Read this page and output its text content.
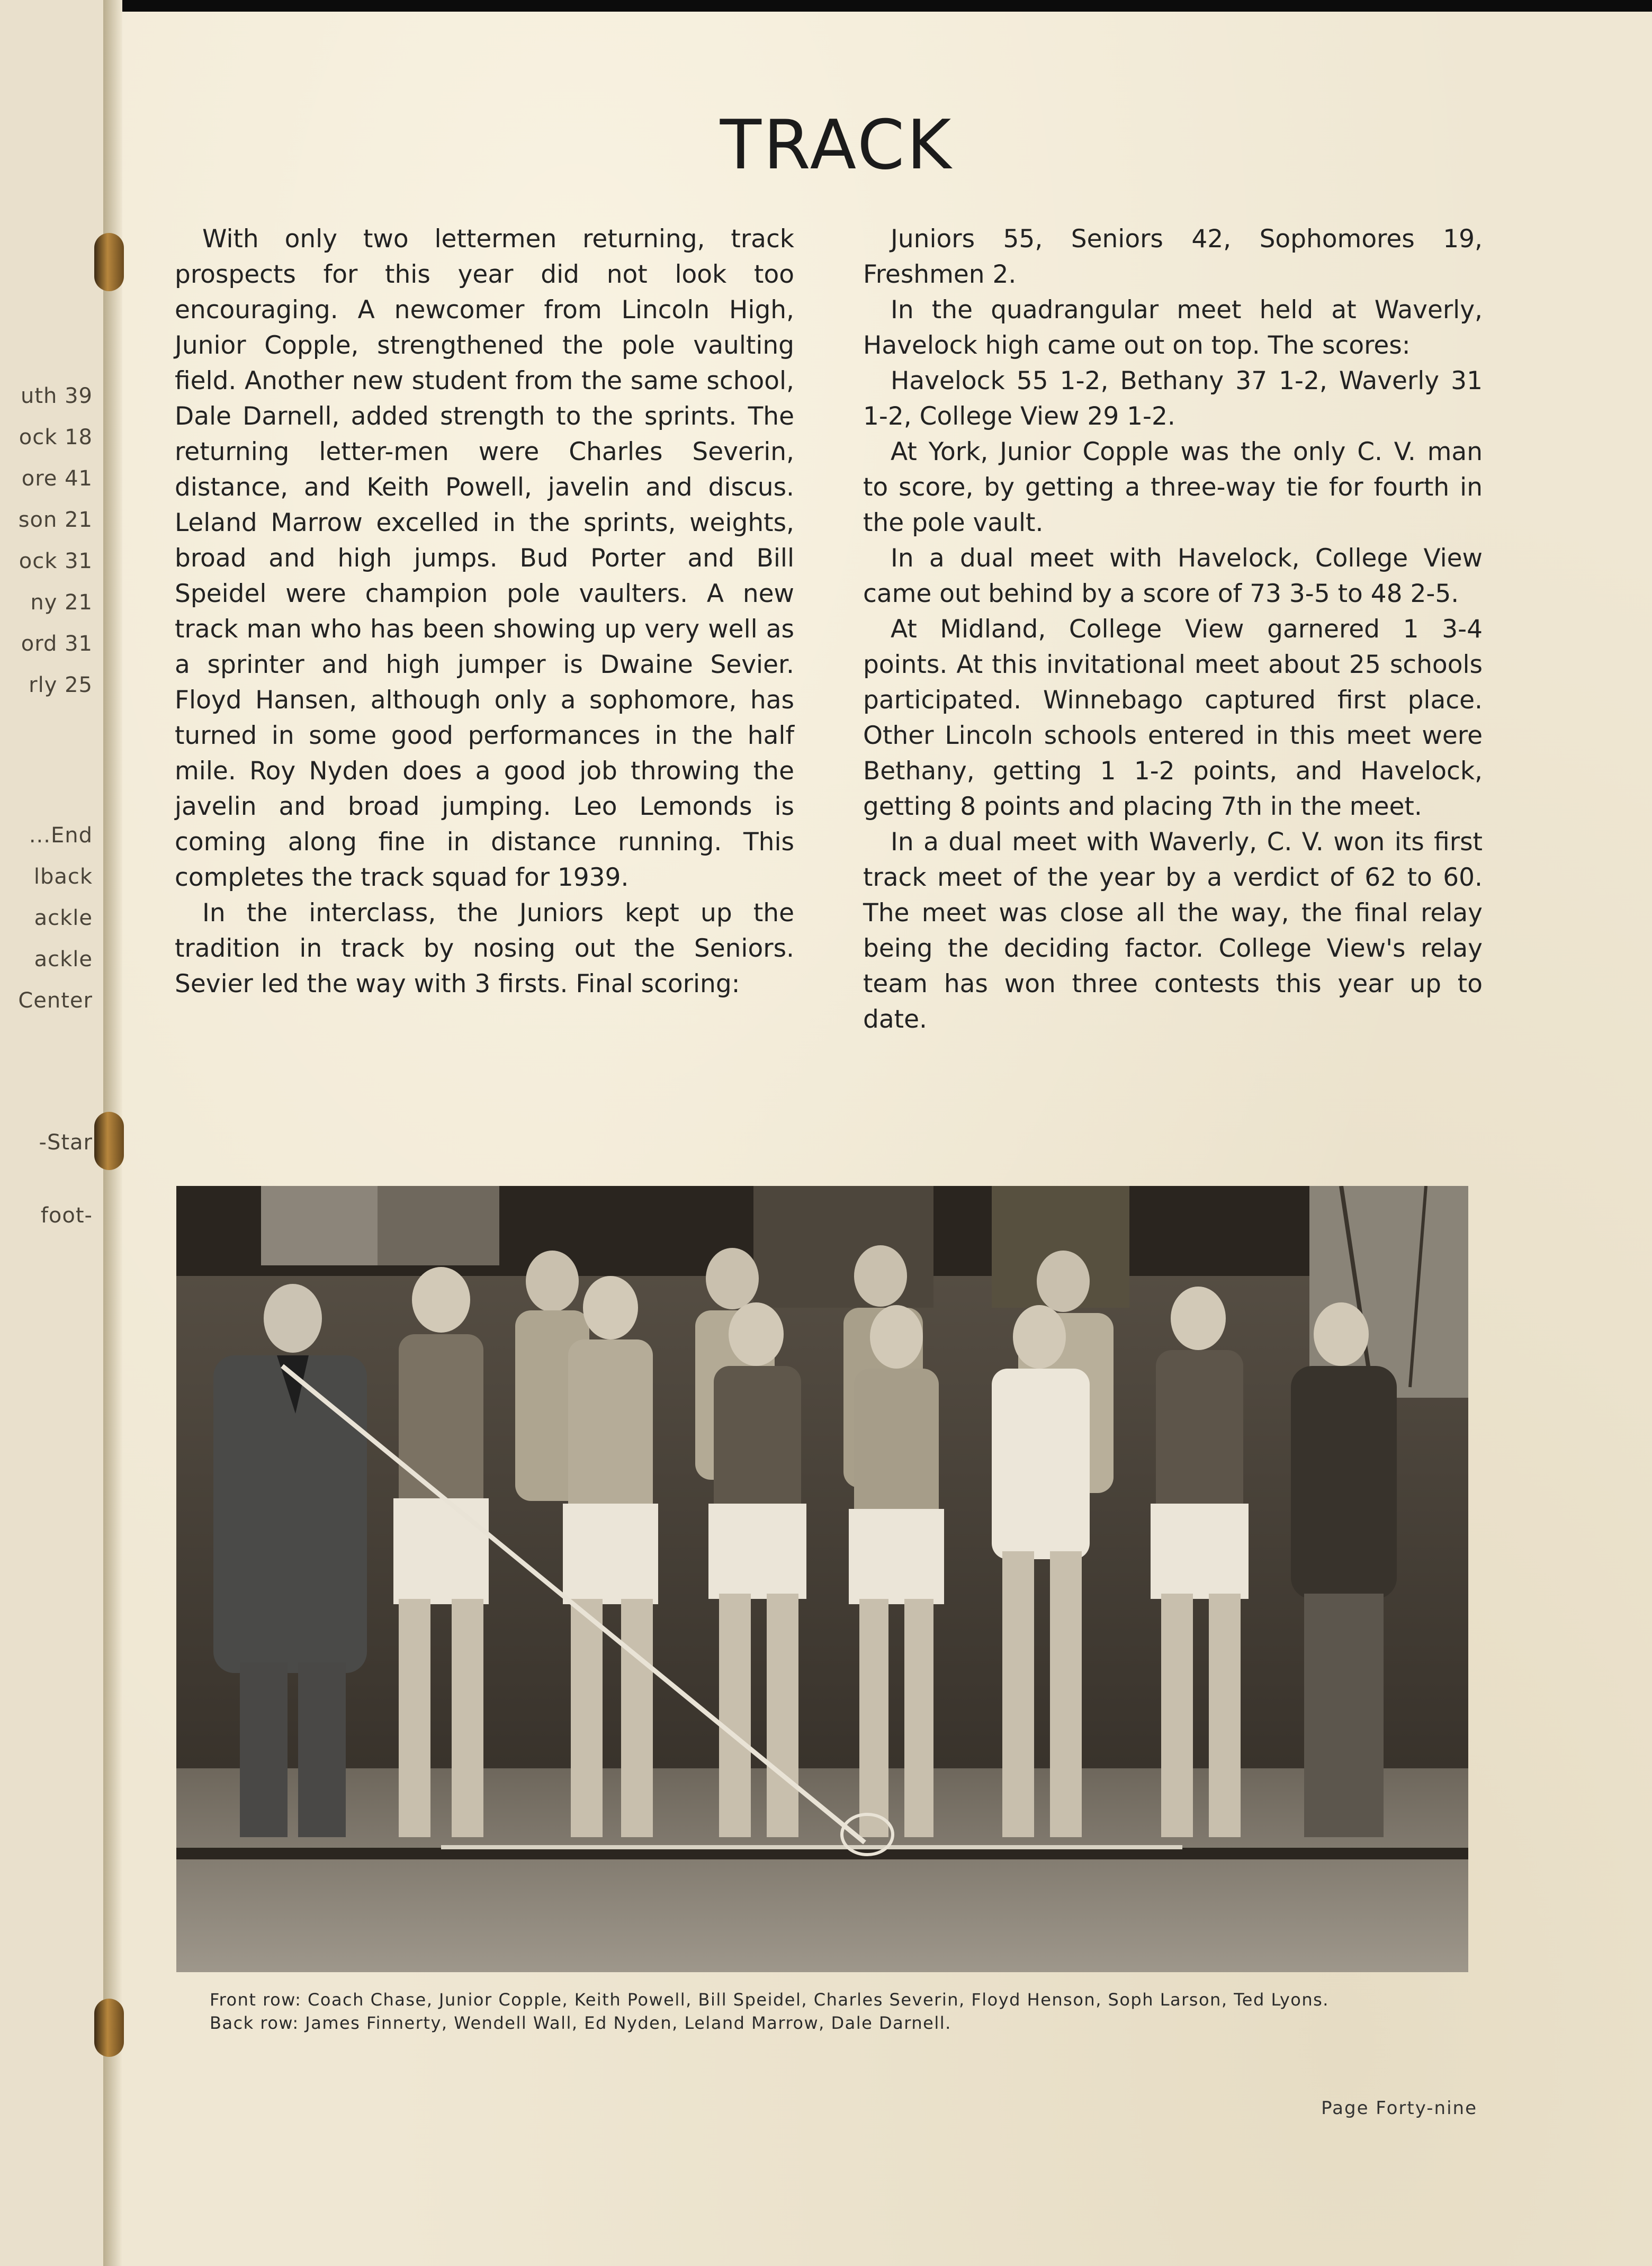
uth 39
ock 18
ore 41
son 21
ock 31
ny 21
ord 31
rly 25
...End
lback
ackle
ackle
Center
-Star
foot-
TRACK

With only two lettermen returning, track prospects for this year did not look too encouraging. A newcomer from Lincoln High, Junior Copple, strengthened the pole vaulting field. Another new student from the same school, Dale Darnell, added strength to the sprints. The returning letter-men were Charles Severin, distance, and Keith Powell, javelin and discus. Leland Marrow excelled in the sprints, weights, broad and high jumps. Bud Porter and Bill Speidel were champion pole vaulters. A new track man who has been showing up very well as a sprinter and high jumper is Dwaine Sevier. Floyd Hansen, although only a sophomore, has turned in some good performances in the half mile. Roy Nyden does a good job throwing the javelin and broad jumping. Leo Lemonds is coming along fine in distance running. This completes the track squad for 1939.

In the interclass, the Juniors kept up the tradition in track by nosing out the Seniors. Sevier led the way with 3 firsts. Final scoring:

Juniors 55, Seniors 42, Sophomores 19, Freshmen 2.

In the quadrangular meet held at Waverly, Havelock high came out on top. The scores:

Havelock 55 1-2, Bethany 37 1-2, Waverly 31 1-2, College View 29 1-2.

At York, Junior Copple was the only C. V. man to score, by getting a three-way tie for fourth in the pole vault.

In a dual meet with Havelock, College View came out behind by a score of 73 3-5 to 48 2-5.

At Midland, College View garnered 1 3-4 points. At this invitational meet about 25 schools participated. Winnebago captured first place. Other Lincoln schools entered in this meet were Bethany, getting 1 1-2 points, and Havelock, getting 8 points and placing 7th in the meet.

In a dual meet with Waverly, C. V. won its first track meet of the year by a verdict of 62 to 60. The meet was close all the way, the final relay being the deciding factor. College View's relay team has won three contests this year up to date.

Front row: Coach Chase, Junior Copple, Keith Powell, Bill Speidel, Charles Severin, Floyd Henson, Soph Larson, Ted Lyons.
Back row: James Finnerty, Wendell Wall, Ed Nyden, Leland Marrow, Dale Darnell.
Page Forty-nine
